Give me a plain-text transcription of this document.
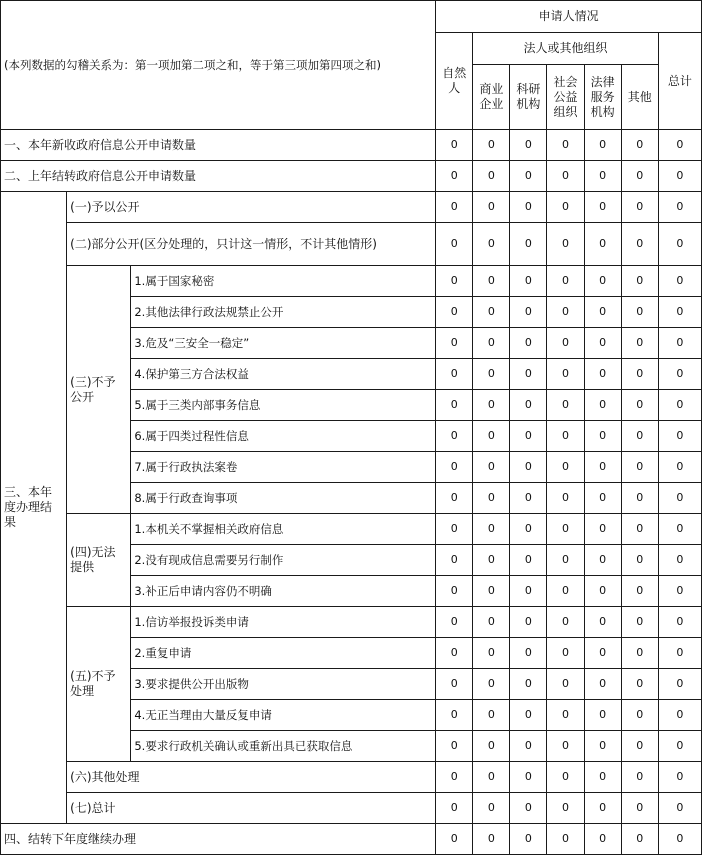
(本列数据的勾稽关系为：第一项加第二项之和，等于第三项加第四项之和)			申请人情况						
			自然人	法人或其他组织					总计
				商业企业	科研机构	社会公益组织	法律服务机构	其他	

一、本年新收政府信息公开申请数量			0	0	0	0	0	0	0
二、上年结转政府信息公开申请数量			0	0	0	0	0	0	0
三、本年度办理结果	(一)予以公开		0	0	0	0	0	0	0
	(二)部分公开(区分处理的，只计这一情形，不计其他情形)		0	0	0	0	0	0	0
	(三)不予公开	1.属于国家秘密	0	0	0	0	0	0	0
		2.其他法律行政法规禁止公开	0	0	0	0	0	0	0
		3.危及“三安全一稳定”	0	0	0	0	0	0	0
		4.保护第三方合法权益	0	0	0	0	0	0	0
		5.属于三类内部事务信息	0	0	0	0	0	0	0
		6.属于四类过程性信息	0	0	0	0	0	0	0
		7.属于行政执法案卷	0	0	0	0	0	0	0
		8.属于行政查询事项	0	0	0	0	0	0	0
	(四)无法提供	1.本机关不掌握相关政府信息	0	0	0	0	0	0	0
		2.没有现成信息需要另行制作	0	0	0	0	0	0	0
		3.补正后申请内容仍不明确	0	0	0	0	0	0	0
	(五)不予处理	1.信访举报投诉类申请	0	0	0	0	0	0	0
		2.重复申请	0	0	0	0	0	0	0
		3.要求提供公开出版物	0	0	0	0	0	0	0
		4.无正当理由大量反复申请	0	0	0	0	0	0	0
		5.要求行政机关确认或重新出具已获取信息	0	0	0	0	0	0	0
	(六)其他处理		0	0	0	0	0	0	0
	(七)总计		0	0	0	0	0	0	0
四、结转下年度继续办理			0	0	0	0	0	0	0
